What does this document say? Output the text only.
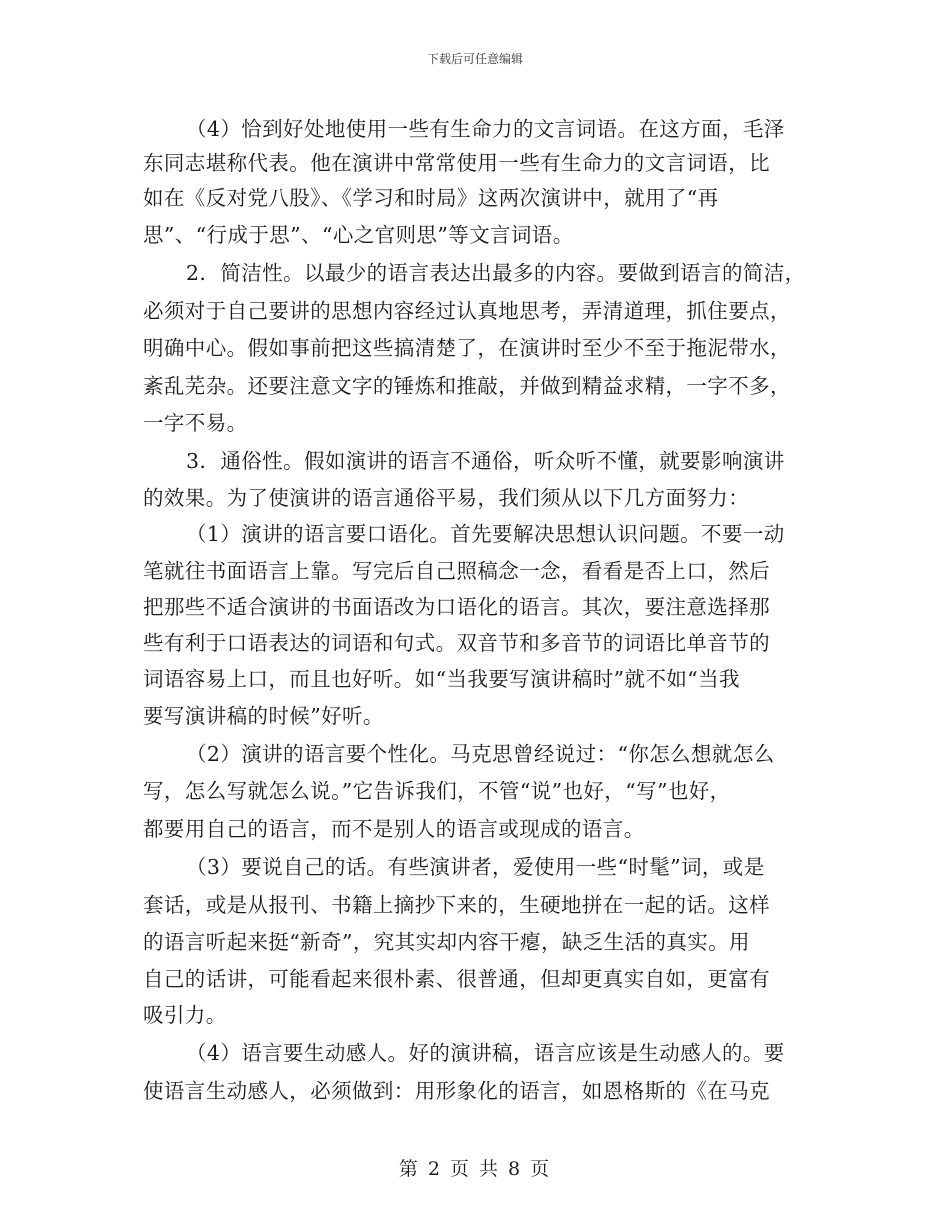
下载后可任意编辑
（4）恰到好处地使用一些有生命力的文言词语。在这方面，毛泽
东同志堪称代表。他在演讲中常常使用一些有生命力的文言词语，比
如在《反对党八股》、《学习和时局》这两次演讲中，就用了“再
思”、“行成于思”、“心之官则思”等文言词语。
2．简洁性。以最少的语言表达出最多的内容。要做到语言的简洁，
必须对于自己要讲的思想内容经过认真地思考，弄清道理，抓住要点，
明确中心。假如事前把这些搞清楚了，在演讲时至少不至于拖泥带水，
紊乱芜杂。还要注意文字的锤炼和推敲，并做到精益求精，一字不多，
一字不易。
3．通俗性。假如演讲的语言不通俗，听众听不懂，就要影响演讲
的效果。为了使演讲的语言通俗平易，我们须从以下几方面努力：
（1）演讲的语言要口语化。首先要解决思想认识问题。不要一动
笔就往书面语言上靠。写完后自己照稿念一念，看看是否上口，然后
把那些不适合演讲的书面语改为口语化的语言。其次，要注意选择那
些有利于口语表达的词语和句式。双音节和多音节的词语比单音节的
词语容易上口，而且也好听。如“当我要写演讲稿时”就不如“当我
要写演讲稿的时候”好听。
（2）演讲的语言要个性化。马克思曾经说过：“你怎么想就怎么
写，怎么写就怎么说。”它告诉我们，不管“说”也好，“写”也好，
都要用自己的语言，而不是别人的语言或现成的语言。
（3）要说自己的话。有些演讲者，爱使用一些“时髦”词，或是
套话，或是从报刊、书籍上摘抄下来的，生硬地拼在一起的话。这样
的语言听起来挺“新奇”，究其实却内容干瘪，缺乏生活的真实。用
自己的话讲，可能看起来很朴素、很普通，但却更真实自如，更富有
吸引力。
（4）语言要生动感人。好的演讲稿，语言应该是生动感人的。要
使语言生动感人，必须做到：用形象化的语言，如恩格斯的《在马克
第 2 页 共 8 页
